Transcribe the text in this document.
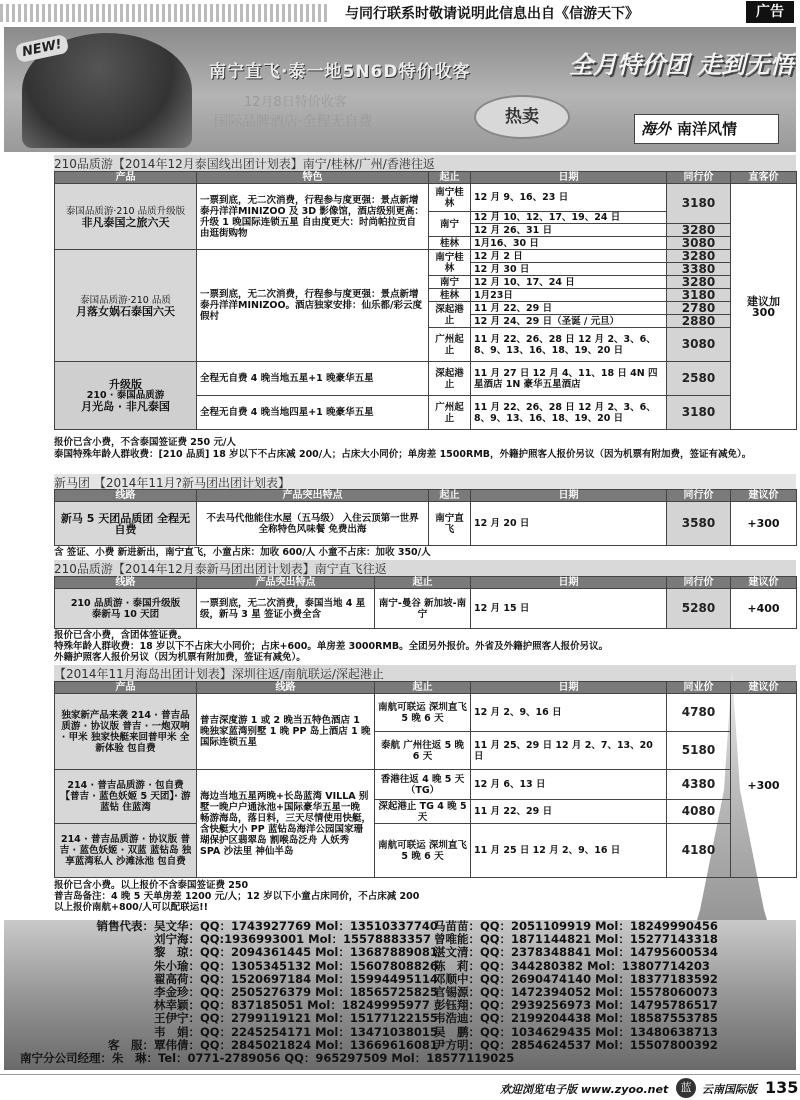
与同行联系时敬请说明此信息出自《信游天下》	广告
NEW!
南宁直飞·泰一地5N6D特价收客
12月8日特价收客
国际品牌酒店·全程无自费	热卖
全月特价团 走到无悟
海外 南洋风情
210品质游【2014年12月泰国线出团计划表】南宁/桂林/广州/香港往返
产品	特色	起止	日期	同行价	直客价

泰国品质游·210 品质升级版
非凡泰国之旅六天	一票到底，无二次消费，行程参与度更强：景点新增泰丹洋洋MINIZOO 及 3D 影像馆，酒店级别更高：升级 1 晚国际连锁五星 自由度更大：时尚帕拉贡自由逛街购物	南宁桂林	12 月 9、16、23 日	3180	建议加 300
		南宁	12 月 10、12、17、19、24 日		
			12 月 26、31 日	3280	
		桂林	1月16、30 日	3080	

泰国品质游·210 品质
月落女娲石泰国六天	一票到底，无二次消费，行程参与度更强：景点新增泰丹洋洋MINIZOO。酒店独家安排：仙乐都/彩云度假村	南宁桂林	12 月 2 日	3280	
			12 月 30 日	3380	
		南宁	12 月 10、17、24 日	3280	
		桂林	1月23日	3180	
		深起港止	11 月 22、29 日	2780	
			12 月 24、29 日（圣诞 / 元旦）	2880	
		广州起止	11 月 22、26、28 日 12 月 2、3、6、8、9、13、16、18、19、20 日	3080	

升级版
210 · 泰国品质游
月光岛 · 非凡泰国	全程无自费 4 晚当地五星+1 晚豪华五星	深起港止	11 月 27 日 12 月 4、11、18 日 4N 四星酒店 1N 豪华五星酒店	2580	
	全程无自费 4 晚当地四星+1 晚豪华五星	广州起止	11 月 22、26、28 日 12 月 2、3、6、8、9、13、16、18、19、20 日	3180	
报价已含小费，不含泰国签证费 250 元/人
泰国特殊年龄人群收费：[210 品质] 18 岁以下不占床减 200/人；占床大小同价；单房差 1500RMB，外籍护照客人报价另议（因为机票有附加费，签证有减免）。
新马团 【2014年11月?新马团出团计划表】
线路	产品突出特点	起止	日期	同行价	建议价
新马 5 天团品质团 全程无自费	不去马代他能住水屋（五马级） 入住云顶第一世界 全称特色风味餐 免费出海	南宁直飞	12 月 20 日	3580	+300
含 签证、小费 新进新出，南宁直飞，小童占床：加收 600/人 小童不占床：加收 350/人
210品质游【2014年12月泰新马团出团计划表】南宁直飞往返
线路	产品突出特点	起止	日期	同行价	建议价

210 品质游 · 泰国升级版
泰新马 10 天团	一票到底，无二次消费，泰国当地 4 星级，新马 3 星 签证小费全含	南宁-曼谷 新加坡-南宁	12 月 15 日	5280	+400
报价已含小费，含团体签证费。
特殊年龄人群收费：18 岁以下不占床大小同价；占床+600。单房差 3000RMB。全团另外报价。外省及外籍护照客人报价另议。
外籍护照客人报价另议（因为机票有附加费，签证有减免）。
【2014年11月海岛出团计划表】深圳往返/南航联运/深起港止
产品	线路	起止	日期	同业价	建议价
独家新产品来袭 214 · 普吉品质游 · 协议版 普吉 · 一炮双响 · 甲米 独家快艇来回普甲米 全新体验 包自费	普吉深度游 1 或 2 晚当五特色酒店 1 晚独家蓝湾别墅 1 晚 PP 岛上酒店 1 晚国际连锁五星	南航可联运 深圳直飞 5 晚 6 天	12 月 2、9、16 日	4780	+300
		泰航 广州往返 5 晚 6 天	11 月 25、29 日 12 月 2、7、13、20 日	5180	
214 · 普吉品质游 · 包自费 【普吉 · 蓝色妖姬 5 天团】· 游蓝钻 住蓝湾	海边当地五星两晚+长岛蓝湾 VILLA 别墅一晚户户通泳池+国际豪华五星一晚 畅游海岛，落日料，三天尽情使用快艇，含快艇大小 PP 蓝钻岛海洋公园国家珊瑚保护区翡翠岛 割喉岛泛舟 人妖秀 SPA 沙法里 神仙半岛	香港往返 4 晚 5 天（TG）	12 月 6、13 日	4380	
		深起港止 TG 4 晚 5 天	11 月 22、29 日	4080	
214 · 普吉品质游 · 协议版 普吉 · 蓝色妖姬 · 双蓝 蓝钻岛 独享蓝湾私人 沙滩泳池 包自费		南航可联运 深圳直飞 5 晚 6 天	11 月 25 日 12 月 2、9、16 日	4180	
报价已含小费。以上报价不含泰国签证费 250
普吉岛备注：4 晚 5 天单房差 1200 元/人；12 岁以下小童占床同价，不占床减 200
以上报价南航+800/人可以配联运!!
销售代表：吴文华：QQ：1743927769 Mol：13510337740马苗苗：QQ：2051109919 Mol：18249990456
刘宁海：QQ:1936993001 Mol：15578883357 曾唯能：QQ：1871144821 Mol：15277143318
黎　琼：QQ：2094361445 Mol：13687889081湛文清：QQ：2378348841 Mol：14795600534
朱小瑜：QQ：1305345132 Mol：15607808826陈　莉：QQ：344280382 Mol：13807714203
翟高荷：QQ：1520697184 Mol：15994495114邓顺中：QQ：2690474140 Mol：18377183592
李金珍：QQ：2505276379 Mol：18565725825官锡源：QQ：1472394052 Mol：15578060073
林幸颖：QQ：837185051 Mol：18249995977 彭钰翔：QQ：2939256973 Mol：14795786517
王伊宁：QQ：2799119121 Mol：15177122155韦浩迪：QQ：2199204438 Mol：18587553785
韦　娟：QQ：2245254171 Mol：13471038015吴　鹏：QQ：1034629435 Mol：13480638713
客　服：覃伟倩：QQ：2845021824 Mol：13669616081尹方明：QQ：2854624537 Mol：15507800392
南宁分公司经理：朱　琳：Tel：0771-2789056 QQ：965297509 Mol：18577119025
欢迎浏览电子版 www.zyoo.net	蓝 云南国际版 135
